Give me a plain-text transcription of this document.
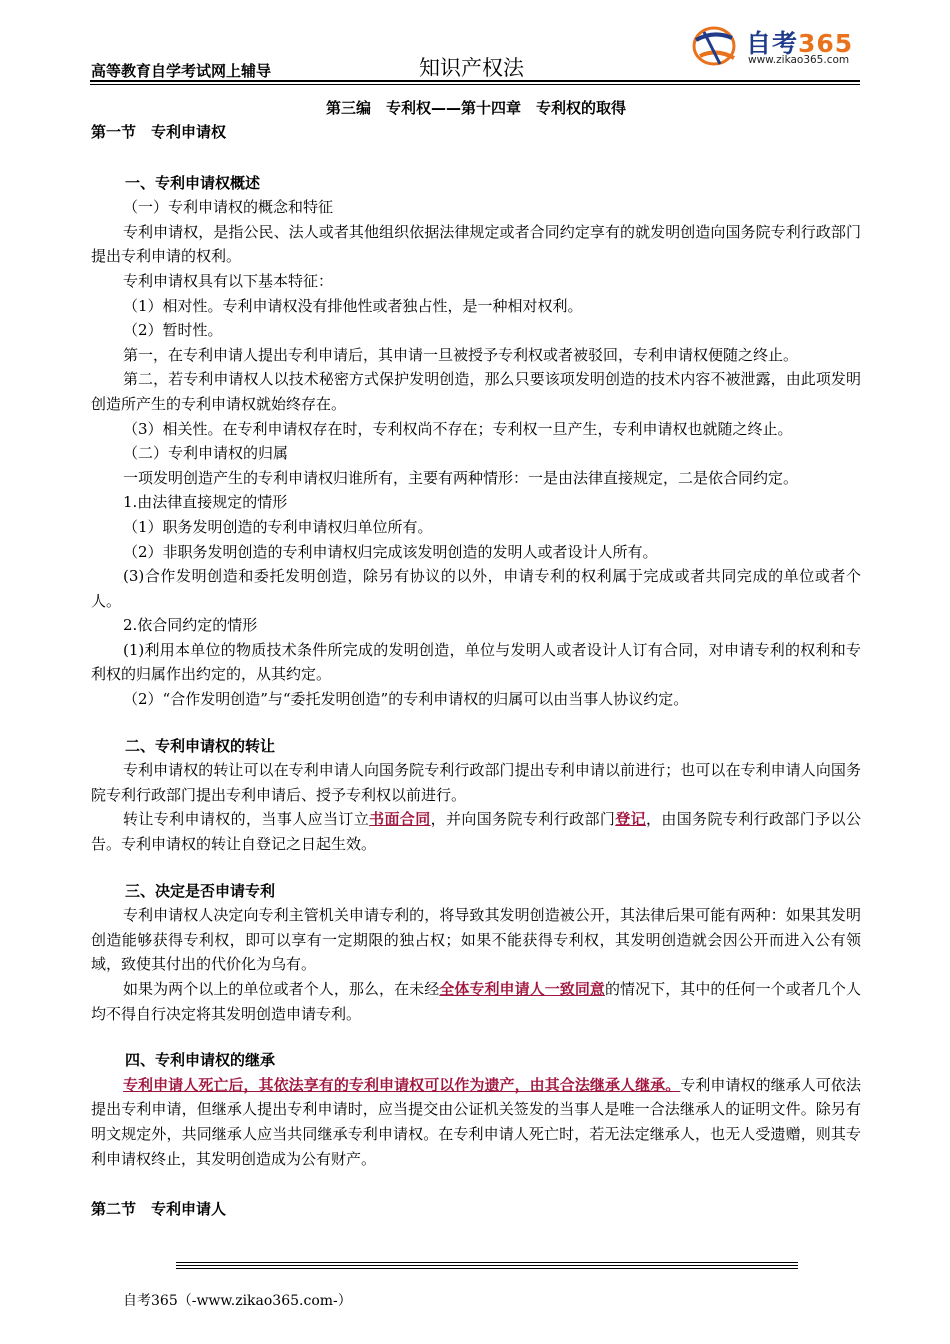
高等教育自学考试网上辅导	知识产权法
自考365
www.zikao365.com
第三编　专利权——第十四章　专利权的取得
第一节　专利申请权
一、专利申请权概述
（一）专利申请权的概念和特征

专利申请权，是指公民、法人或者其他组织依据法律规定或者合同约定享有的就发明创造向国务院专利行政部门提出专利申请的权利。

专利申请权具有以下基本特征：

（1）相对性。专利申请权没有排他性或者独占性，是一种相对权利。

（2）暂时性。

第一，在专利申请人提出专利申请后，其申请一旦被授予专利权或者被驳回，专利申请权便随之终止。

第二，若专利申请权人以技术秘密方式保护发明创造，那么只要该项发明创造的技术内容不被泄露，由此项发明创造所产生的专利申请权就始终存在。

（3）相关性。在专利申请权存在时，专利权尚不存在；专利权一旦产生，专利申请权也就随之终止。

（二）专利申请权的归属

一项发明创造产生的专利申请权归谁所有，主要有两种情形：一是由法律直接规定，二是依合同约定。

1.由法律直接规定的情形

（1）职务发明创造的专利申请权归单位所有。

（2）非职务发明创造的专利申请权归完成该发明创造的发明人或者设计人所有。

(3)合作发明创造和委托发明创造，除另有协议的以外，申请专利的权利属于完成或者共同完成的单位或者个人。

2.依合同约定的情形

(1)利用本单位的物质技术条件所完成的发明创造，单位与发明人或者设计人订有合同，对申请专利的权利和专利权的归属作出约定的，从其约定。

（2）“合作发明创造”与“委托发明创造”的专利申请权的归属可以由当事人协议约定。

二、专利申请权的转让

专利申请权的转让可以在专利申请人向国务院专利行政部门提出专利申请以前进行；也可以在专利申请人向国务院专利行政部门提出专利申请后、授予专利权以前进行。

转让专利申请权的，当事人应当订立书面合同，并向国务院专利行政部门登记，由国务院专利行政部门予以公告。专利申请权的转让自登记之日起生效。

三、决定是否申请专利

专利申请权人决定向专利主管机关申请专利的，将导致其发明创造被公开，其法律后果可能有两种：如果其发明创造能够获得专利权，即可以享有一定期限的独占权；如果不能获得专利权，其发明创造就会因公开而进入公有领域，致使其付出的代价化为乌有。

如果为两个以上的单位或者个人，那么，在未经全体专利申请人一致同意的情况下，其中的任何一个或者几个人均不得自行决定将其发明创造申请专利。

四、专利申请权的继承

专利申请人死亡后，其依法享有的专利申请权可以作为遗产，由其合法继承人继承。专利申请权的继承人可依法提出专利申请，但继承人提出专利申请时，应当提交由公证机关签发的当事人是唯一合法继承人的证明文件。除另有明文规定外，共同继承人应当共同继承专利申请权。在专利申请人死亡时，若无法定继承人，也无人受遗赠，则其专利申请权终止，其发明创造成为公有财产。

第二节　专利申请人
自考365（-www.zikao365.com-）
